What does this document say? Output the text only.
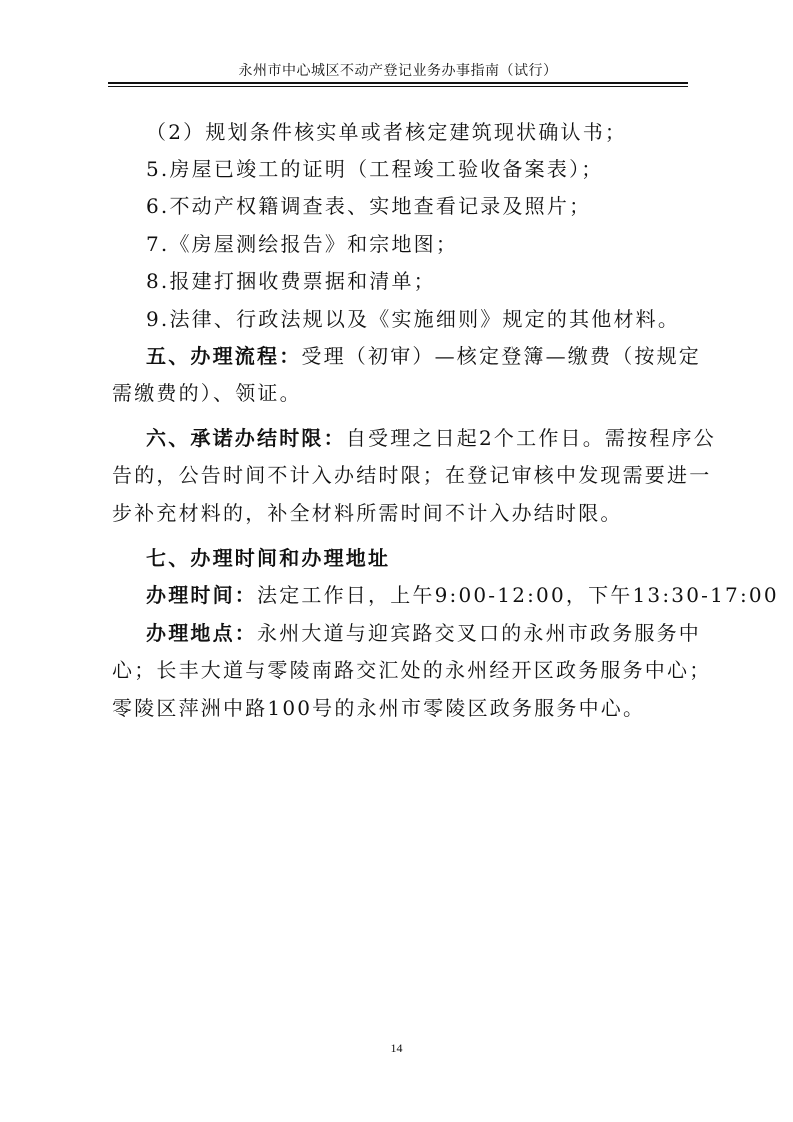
永州市中心城区不动产登记业务办事指南（试行）
（2）规划条件核实单或者核定建筑现状确认书；
5.房屋已竣工的证明（工程竣工验收备案表）；
6.不动产权籍调查表、实地查看记录及照片；
7.《房屋测绘报告》和宗地图；
8.报建打捆收费票据和清单；
9.法律、行政法规以及《实施细则》规定的其他材料。
五、办理流程：受理（初审）—核定登簿—缴费（按规定
需缴费的）、领证。
六、承诺办结时限：自受理之日起2个工作日。需按程序公
告的，公告时间不计入办结时限；在登记审核中发现需要进一
步补充材料的，补全材料所需时间不计入办结时限。
七、办理时间和办理地址
办理时间：法定工作日，上午9:00-12:00，下午13:30-17:00
办理地点：永州大道与迎宾路交叉口的永州市政务服务中
心；长丰大道与零陵南路交汇处的永州经开区政务服务中心；
零陵区萍洲中路100号的永州市零陵区政务服务中心。
14
